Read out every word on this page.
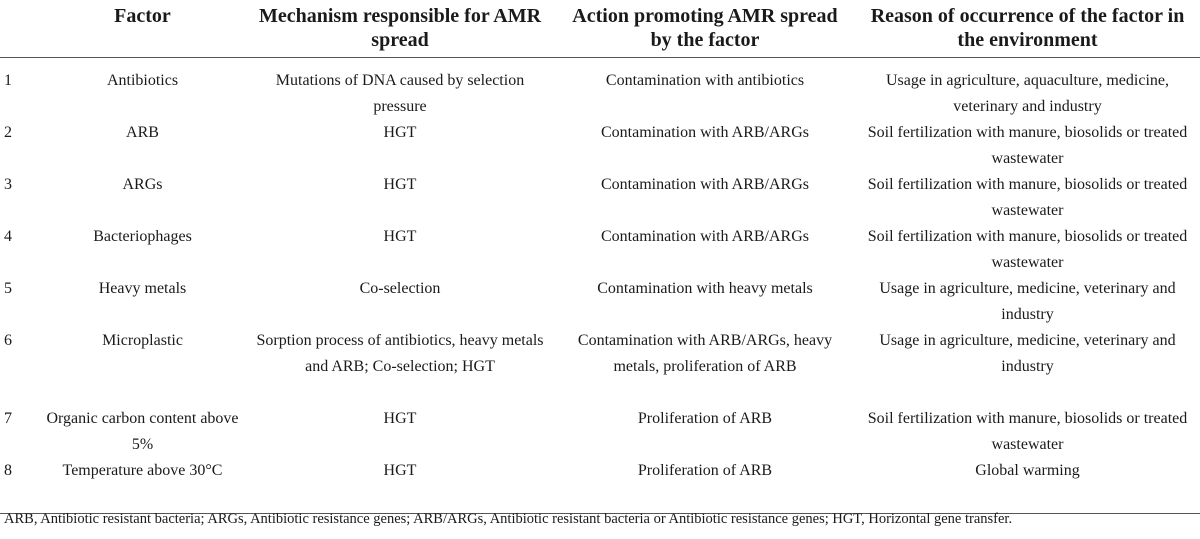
	Factor	Mechanism responsible for AMR spread	Action promoting AMR spread by the factor	Reason of occurrence of the factor in the environment
1	Antibiotics	Mutations of DNA caused by selection pressure	Contamination with antibiotics	Usage in agriculture, aquaculture, medicine, veterinary and industry
2	ARB	HGT	Contamination with ARB/ARGs	Soil fertilization with manure, biosolids or treated wastewater
3	ARGs	HGT	Contamination with ARB/ARGs	Soil fertilization with manure, biosolids or treated wastewater
4	Bacteriophages	HGT	Contamination with ARB/ARGs	Soil fertilization with manure, biosolids or treated wastewater
5	Heavy metals	Co-selection	Contamination with heavy metals	Usage in agriculture, medicine, veterinary and industry
6	Microplastic	Sorption process of antibiotics, heavy metals and ARB; Co-selection; HGT	Contamination with ARB/ARGs, heavy metals, proliferation of ARB	Usage in agriculture, medicine, veterinary and industry
7	Organic carbon content above 5%	HGT	Proliferation of ARB	Soil fertilization with manure, biosolids or treated wastewater
8	Temperature above 30°C	HGT	Proliferation of ARB	Global warming
ARB, Antibiotic resistant bacteria; ARGs, Antibiotic resistance genes; ARB/ARGs, Antibiotic resistant bacteria or Antibiotic resistance genes; HGT, Horizontal gene transfer.
